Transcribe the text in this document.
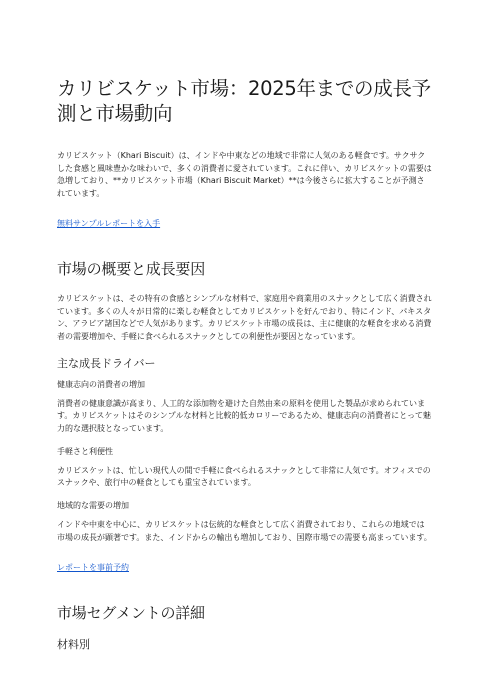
カリビスケット市場：2025年までの成長予測と市場動向

カリビスケット（Khari Biscuit）は、インドや中東などの地域で非常に人気のある軽食です。サクサクした食感と風味豊かな味わいで、多くの消費者に愛されています。これに伴い、カリビスケットの需要は急増しており、**カリビスケット市場（Khari Biscuit Market）**は今後さらに拡大することが予測されています。

無料サンプルレポートを入手
市場の概要と成長要因

カリビスケットは、その特有の食感とシンプルな材料で、家庭用や商業用のスナックとして広く消費されています。多くの人々が日常的に楽しむ軽食としてカリビスケットを好んでおり、特にインド、パキスタン、アラビア諸国などで人気があります。カリビスケット市場の成長は、主に健康的な軽食を求める消費者の需要増加や、手軽に食べられるスナックとしての利便性が要因となっています。

主な成長ドライバー
健康志向の消費者の増加

消費者の健康意識が高まり、人工的な添加物を避けた自然由来の原料を使用した製品が求められています。カリビスケットはそのシンプルな材料と比較的低カロリーであるため、健康志向の消費者にとって魅力的な選択肢となっています。

手軽さと利便性

カリビスケットは、忙しい現代人の間で手軽に食べられるスナックとして非常に人気です。オフィスでのスナックや、旅行中の軽食としても重宝されています。

地域的な需要の増加

インドや中東を中心に、カリビスケットは伝統的な軽食として広く消費されており、これらの地域では市場の成長が顕著です。また、インドからの輸出も増加しており、国際市場での需要も高まっています。

レポートを事前予約
市場セグメントの詳細
材料別
